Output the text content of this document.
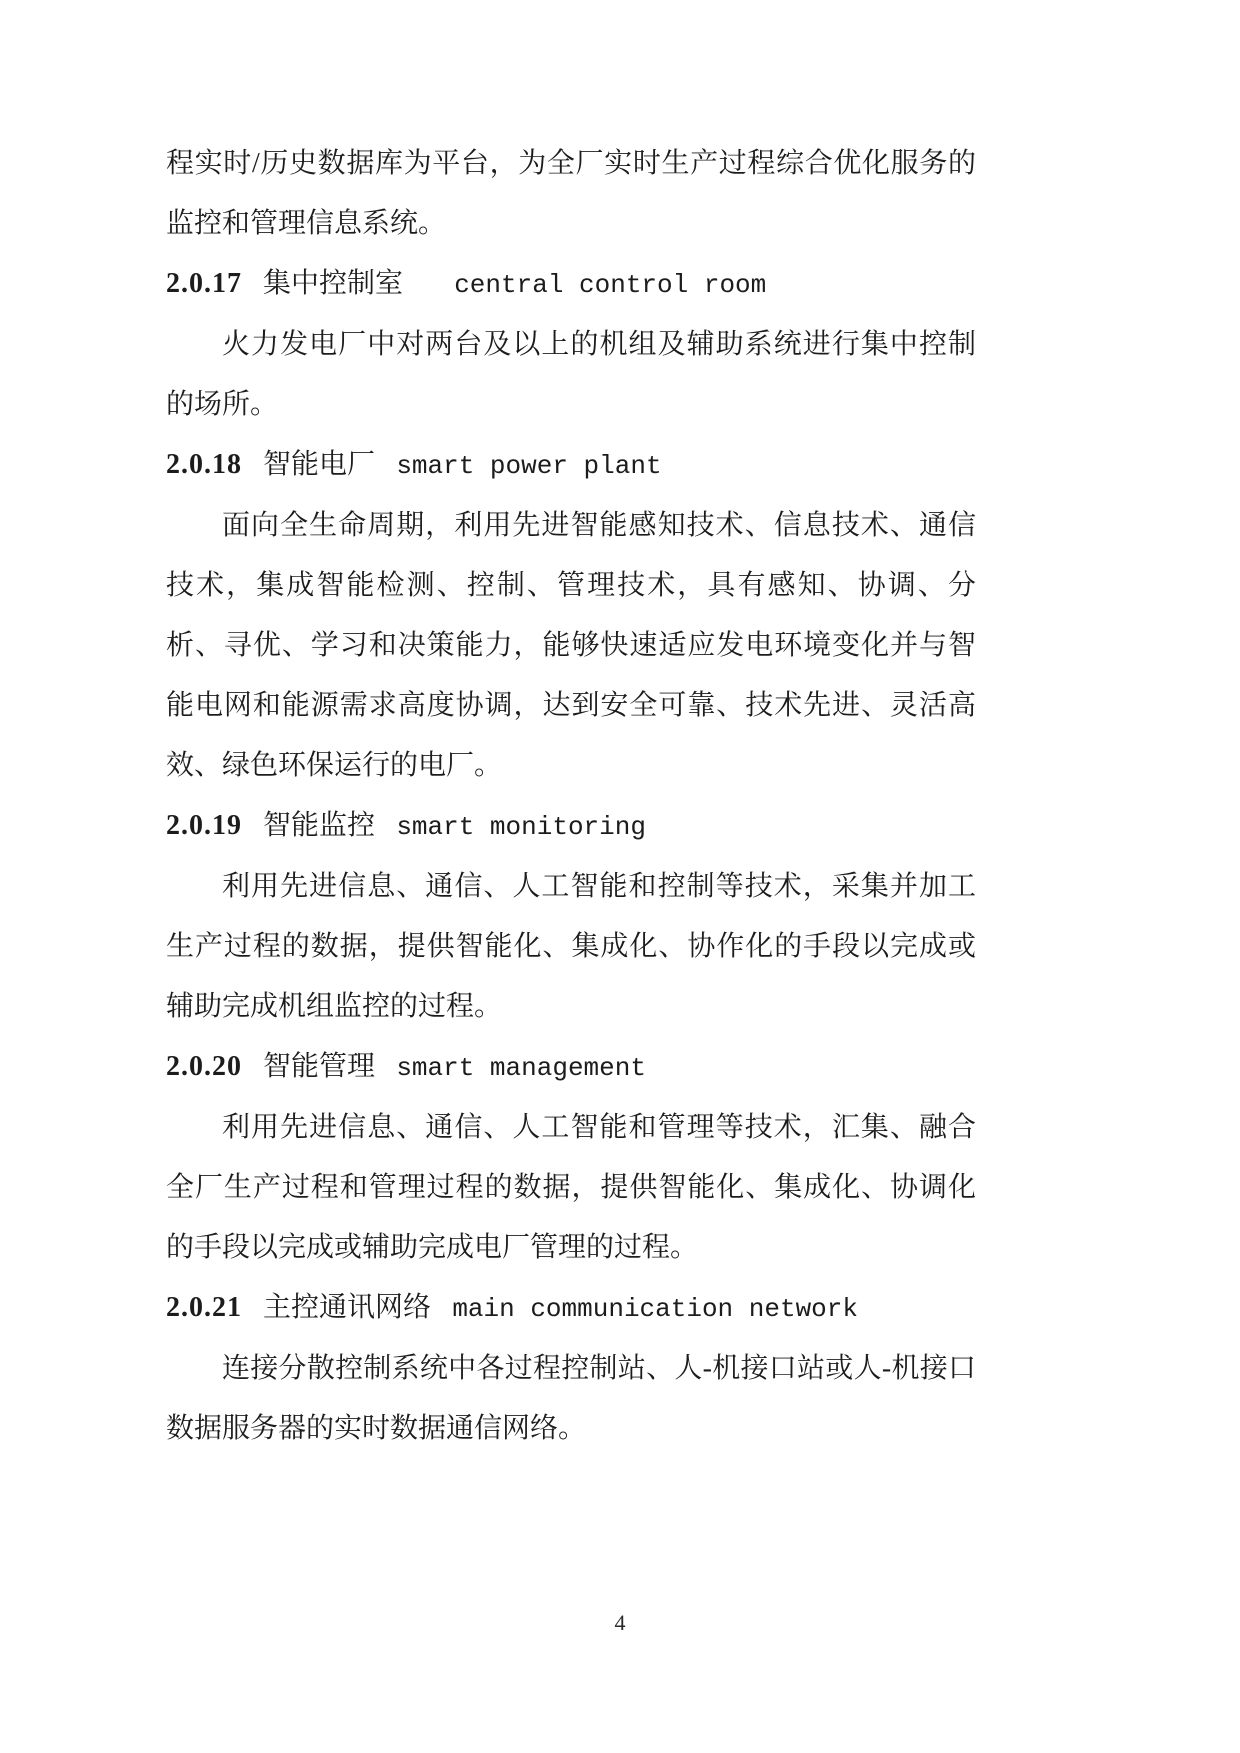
程实时/历史数据库为平台，为全厂实时生产过程综合优化服务的监控和管理信息系统。

2.0.17 集中控制室 central control room

火力发电厂中对两台及以上的机组及辅助系统进行集中控制的场所。

2.0.18 智能电厂 smart power plant

面向全生命周期，利用先进智能感知技术、信息技术、通信技术，集成智能检测、控制、管理技术，具有感知、协调、分析、寻优、学习和决策能力，能够快速适应发电环境变化并与智能电网和能源需求高度协调，达到安全可靠、技术先进、灵活高效、绿色环保运行的电厂。

2.0.19 智能监控 smart monitoring

利用先进信息、通信、人工智能和控制等技术，采集并加工生产过程的数据，提供智能化、集成化、协作化的手段以完成或辅助完成机组监控的过程。

2.0.20 智能管理 smart management

利用先进信息、通信、人工智能和管理等技术，汇集、融合全厂生产过程和管理过程的数据，提供智能化、集成化、协调化的手段以完成或辅助完成电厂管理的过程。

2.0.21 主控通讯网络 main communication network

连接分散控制系统中各过程控制站、人-机接口站或人-机接口数据服务器的实时数据通信网络。

4
